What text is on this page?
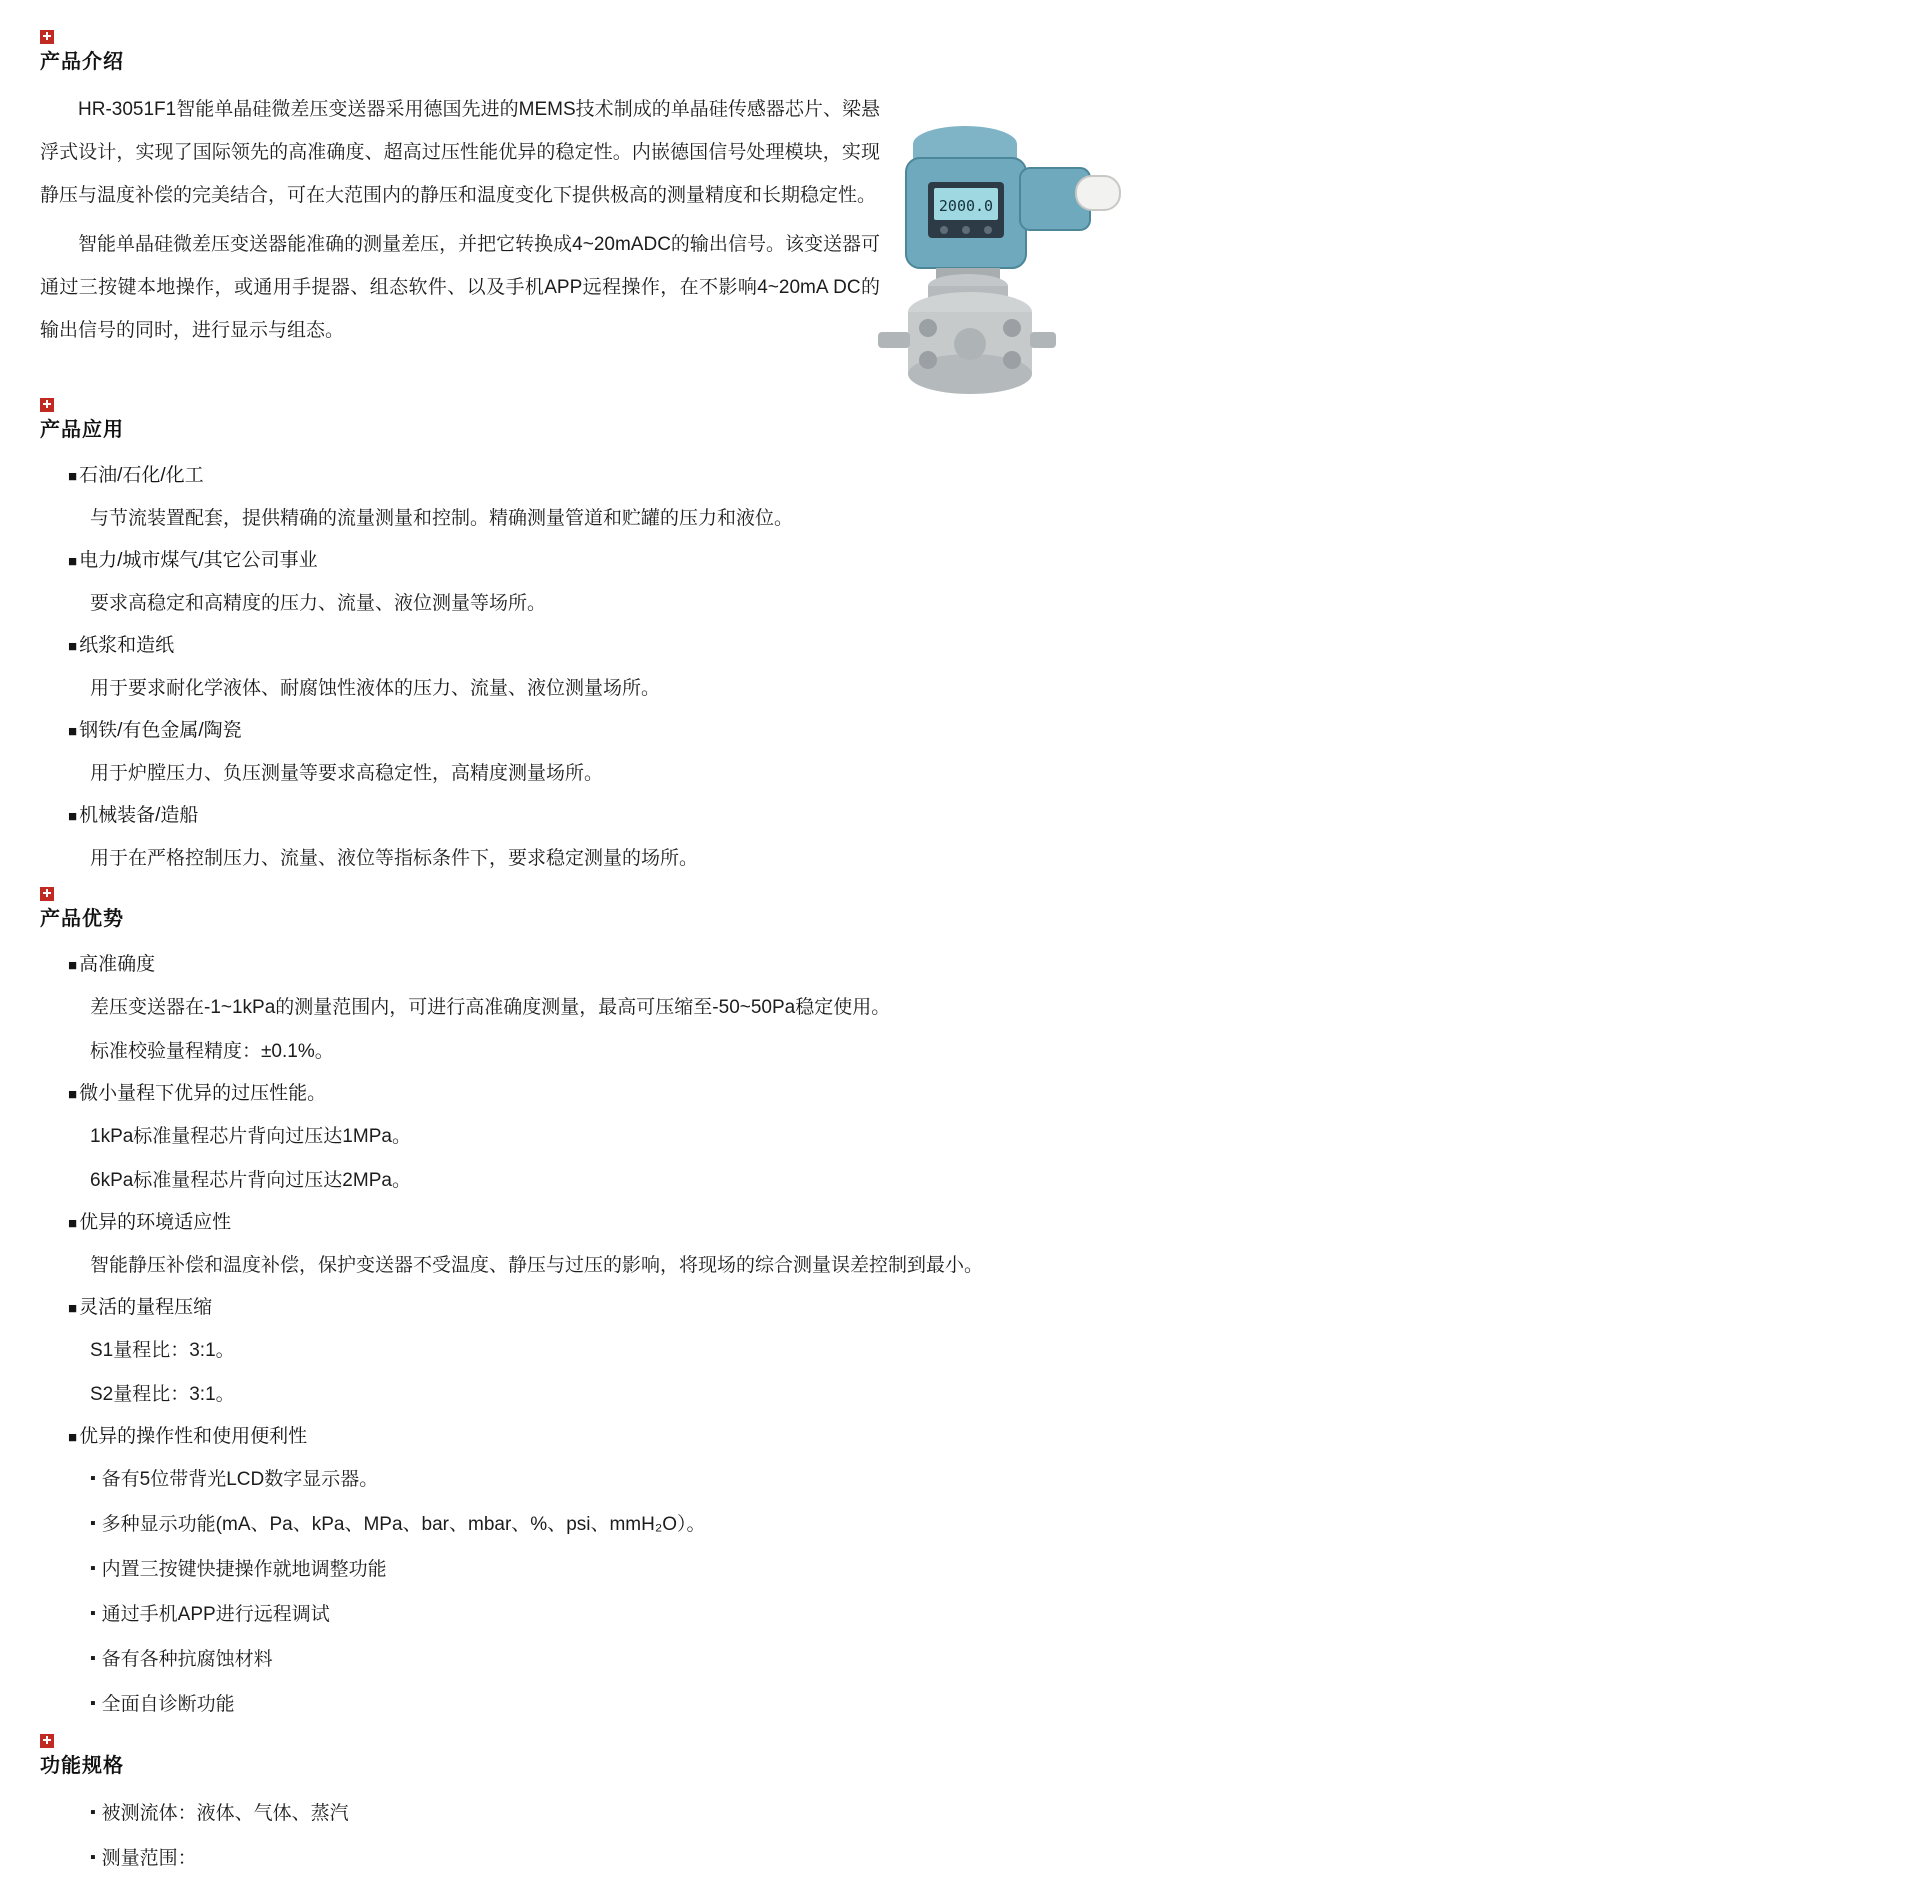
产品介绍

HR-3051F1智能单晶硅微差压变送器采用德国先进的MEMS技术制成的单晶硅传感器芯片、梁悬浮式设计，实现了国际领先的高准确度、超高过压性能优异的稳定性。内嵌德国信号处理模块，实现静压与温度补偿的完美结合，可在大范围内的静压和温度变化下提供极高的测量精度和长期稳定性。

智能单晶硅微差压变送器能准确的测量差压，并把它转换成4~20mADC的输出信号。该变送器可通过三按键本地操作，或通用手提器、组态软件、以及手机APP远程操作，在不影响4~20mA DC的输出信号的同时，进行显示与组态。

2000.0
产品应用
■ 石油/石化/化工
与节流装置配套，提供精确的流量测量和控制。精确测量管道和贮罐的压力和液位。
■ 电力/城市煤气/其它公司事业
要求高稳定和高精度的压力、流量、液位测量等场所。
■ 纸浆和造纸
用于要求耐化学液体、耐腐蚀性液体的压力、流量、液位测量场所。
■ 钢铁/有色金属/陶瓷
用于炉膛压力、负压测量等要求高稳定性，高精度测量场所。
■ 机械装备/造船
用于在严格控制压力、流量、液位等指标条件下，要求稳定测量的场所。
产品优势
■ 高准确度
差压变送器在-1~1kPa的测量范围内，可进行高准确度测量，最高可压缩至-50~50Pa稳定使用。
标准校验量程精度：±0.1%。
■ 微小量程下优异的过压性能。
1kPa标准量程芯片背向过压达1MPa。
6kPa标准量程芯片背向过压达2MPa。
■ 优异的环境适应性
智能静压补偿和温度补偿，保护变送器不受温度、静压与过压的影响，将现场的综合测量误差控制到最小。
■ 灵活的量程压缩
S1量程比：3:1。
S2量程比：3:1。
■ 优异的操作性和使用便利性
▪ 备有5位带背光LCD数字显示器。
▪ 多种显示功能(mA、Pa、kPa、MPa、bar、mbar、%、psi、mmH₂O）。
▪ 内置三按键快捷操作就地调整功能
▪ 通过手机APP进行远程调试
▪ 备有各种抗腐蚀材料
▪ 全面自诊断功能
功能规格
▪ 被测流体：液体、气体、蒸汽
▪ 测量范围：
